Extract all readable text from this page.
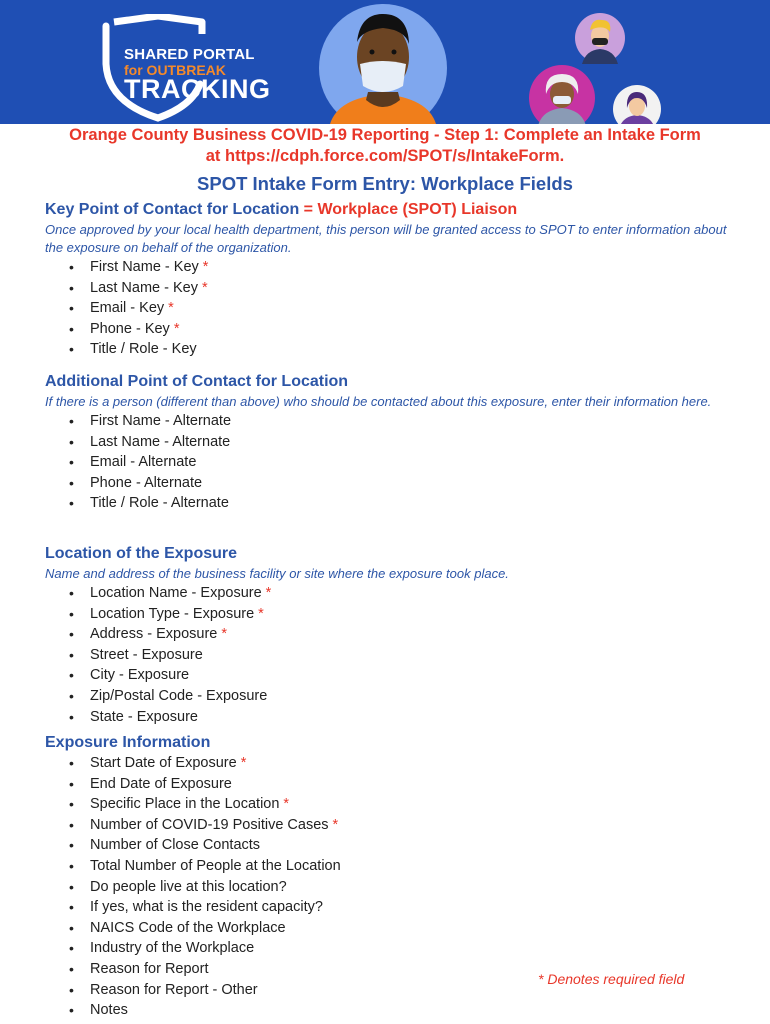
SHARED PORTAL
for OUTBREAK
TRACKING
Orange County Business COVID-19 Reporting - Step 1: Complete an Intake Form
at https://cdph.force.com/SPOT/s/IntakeForm.
SPOT Intake Form Entry: Workplace Fields
Key Point of Contact for Location = Workplace (SPOT) Liaison
Once approved by your local health department, this person will be granted access to SPOT to enter information about the exposure on behalf of the organization.
• First Name - Key *
• Last Name - Key *
• Email - Key *
• Phone - Key *
• Title / Role - Key
Additional Point of Contact for Location
If there is a person (different than above) who should be contacted about this exposure, enter their information here.
• First Name - Alternate
• Last Name - Alternate
• Email - Alternate
• Phone - Alternate
• Title / Role - Alternate
Location of the Exposure
Name and address of the business facility or site where the exposure took place.
• Location Name - Exposure *
• Location Type - Exposure *
• Address - Exposure *
• Street - Exposure
• City - Exposure
• Zip/Postal Code - Exposure
• State - Exposure
Exposure Information
• Start Date of Exposure *
• End Date of Exposure
• Specific Place in the Location *
• Number of COVID-19 Positive Cases *
• Number of Close Contacts
• Total Number of People at the Location
• Do people live at this location?
• If yes, what is the resident capacity?
• NAICS Code of the Workplace
• Industry of the Workplace
• Reason for Report
• Reason for Report - Other
• Notes
* Denotes required field
